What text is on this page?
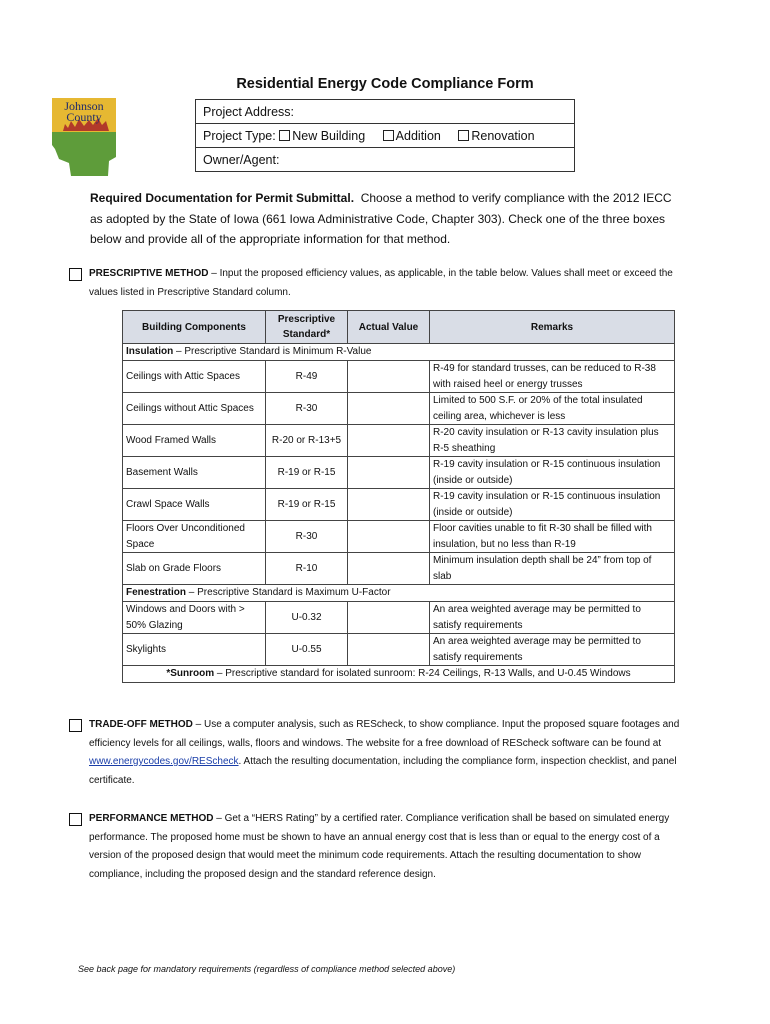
Residential Energy Code Compliance Form
Johnson
County	Project Address:
Project Type: New Building Addition Renovation
Owner/Agent:
Required Documentation for Permit Submittal. Choose a method to verify compliance with the 2012 IECC as adopted by the State of Iowa (661 Iowa Administrative Code, Chapter 303). Check one of the three boxes below and provide all of the appropriate information for that method.
PRESCRIPTIVE METHOD – Input the proposed efficiency values, as applicable, in the table below. Values shall meet or exceed the values listed in Prescriptive Standard column.
Building Components	Prescriptive Standard*	Actual Value	Remarks
Insulation – Prescriptive Standard is Minimum R-Value			
Ceilings with Attic Spaces	R-49		R-49 for standard trusses, can be reduced to R-38 with raised heel or energy trusses
Ceilings without Attic Spaces	R-30		Limited to 500 S.F. or 20% of the total insulated ceiling area, whichever is less
Wood Framed Walls	R-20 or R-13+5		R-20 cavity insulation or R-13 cavity insulation plus R-5 sheathing
Basement Walls	R-19 or R-15		R-19 cavity insulation or R-15 continuous insulation (inside or outside)
Crawl Space Walls	R-19 or R-15		R-19 cavity insulation or R-15 continuous insulation (inside or outside)
Floors Over Unconditioned Space	R-30		Floor cavities unable to fit R-30 shall be filled with insulation, but no less than R-19
Slab on Grade Floors	R-10		Minimum insulation depth shall be 24” from top of slab
Fenestration – Prescriptive Standard is Maximum U-Factor			
Windows and Doors with > 50% Glazing	U-0.32		An area weighted average may be permitted to satisfy requirements
Skylights	U-0.55		An area weighted average may be permitted to satisfy requirements
*Sunroom – Prescriptive standard for isolated sunroom: R-24 Ceilings, R-13 Walls, and U-0.45 Windows			
TRADE-OFF METHOD – Use a computer analysis, such as REScheck, to show compliance. Input the proposed square footages and efficiency levels for all ceilings, walls, floors and windows. The website for a free download of REScheck software can be found at www.energycodes.gov/REScheck. Attach the resulting documentation, including the compliance form, inspection checklist, and panel certificate.
PERFORMANCE METHOD – Get a “HERS Rating” by a certified rater. Compliance verification shall be based on simulated energy performance. The proposed home must be shown to have an annual energy cost that is less than or equal to the energy cost of a version of the proposed design that would meet the minimum code requirements. Attach the resulting documentation to show compliance, including the proposed design and the standard reference design.
See back page for mandatory requirements (regardless of compliance method selected above)
